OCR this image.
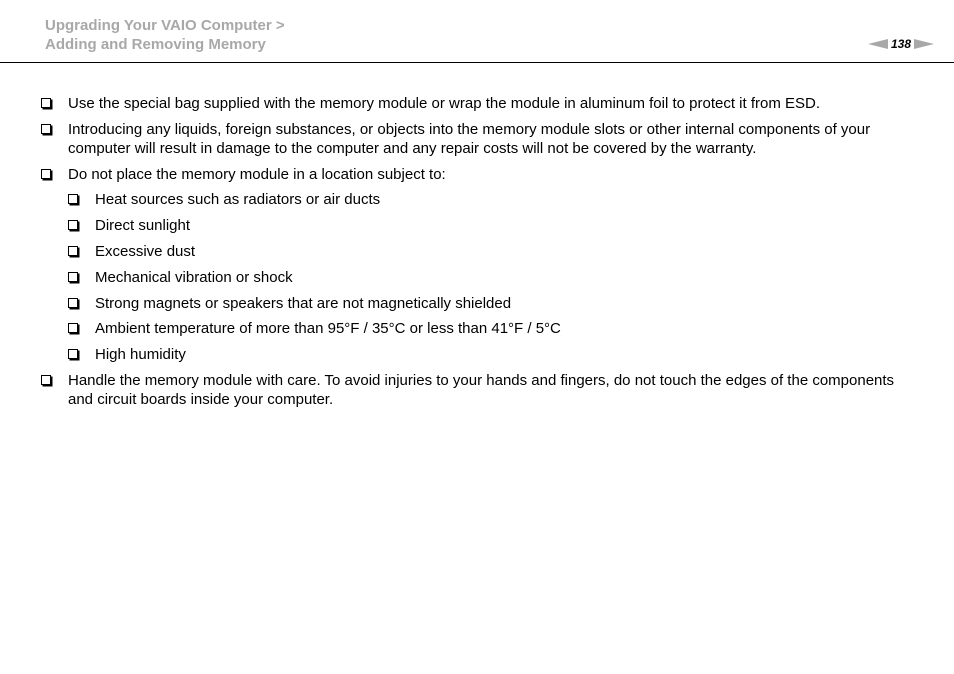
Upgrading Your VAIO Computer >
Adding and Removing Memory	138
Use the special bag supplied with the memory module or wrap the module in aluminum foil to protect it from ESD.
Introducing any liquids, foreign substances, or objects into the memory module slots or other internal components of your computer will result in damage to the computer and any repair costs will not be covered by the warranty.
Do not place the memory module in a location subject to:
Heat sources such as radiators or air ducts
Direct sunlight
Excessive dust
Mechanical vibration or shock
Strong magnets or speakers that are not magnetically shielded
Ambient temperature of more than 95°F / 35°C or less than 41°F / 5°C
High humidity
Handle the memory module with care. To avoid injuries to your hands and fingers, do not touch the edges of the components and circuit boards inside your computer.
